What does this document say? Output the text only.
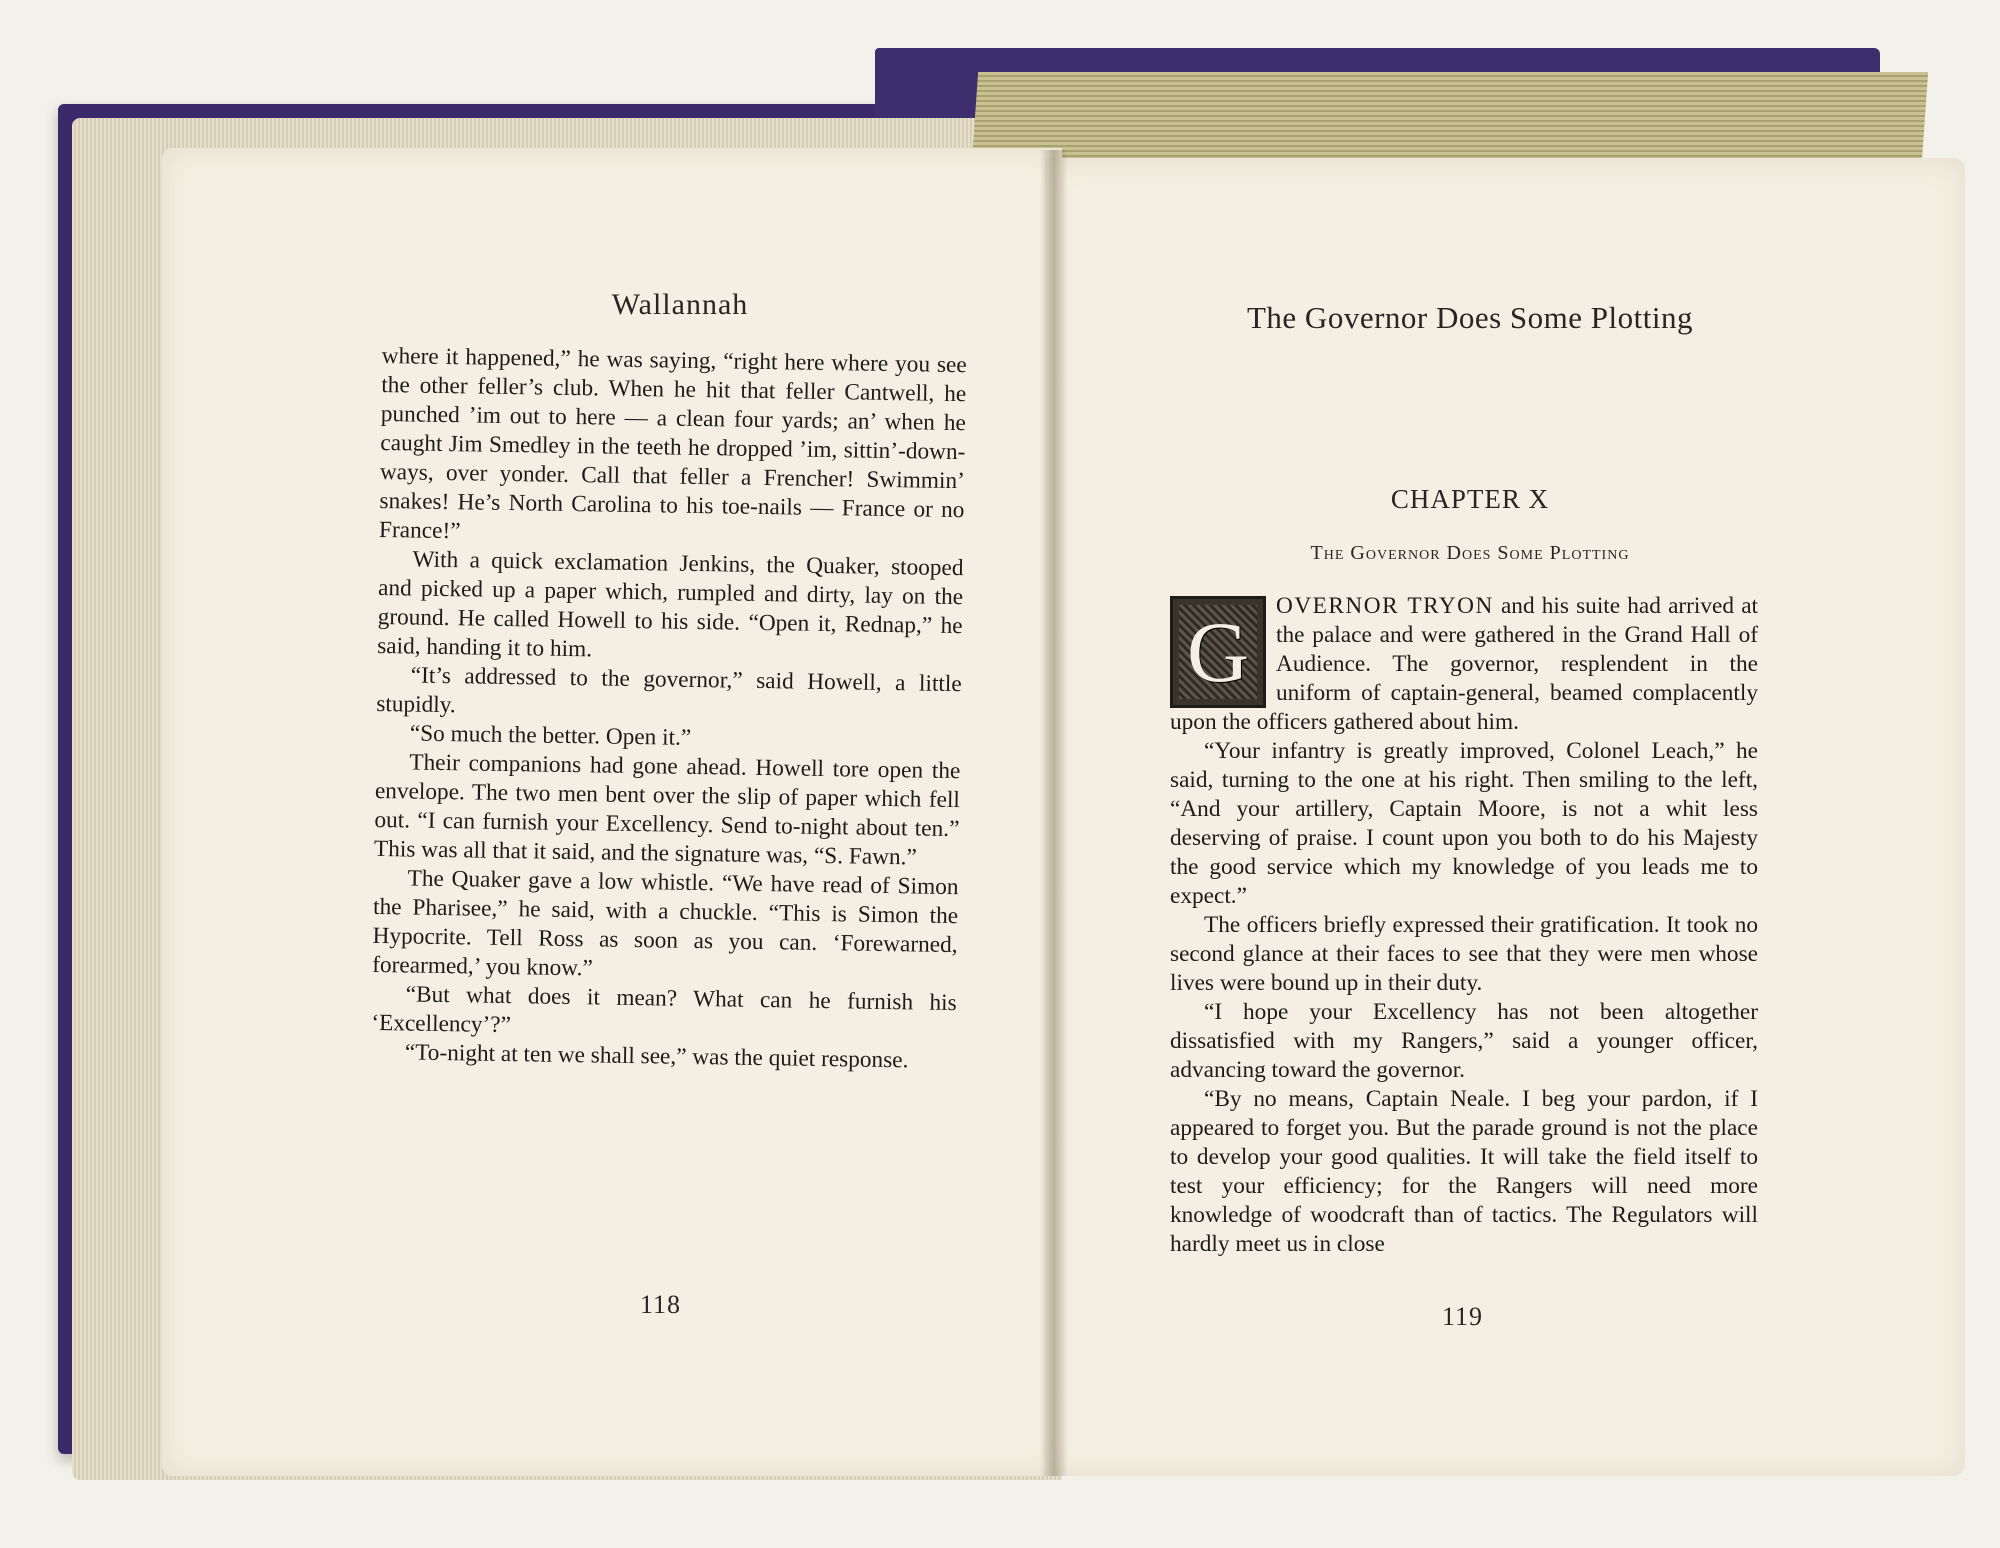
Wallannah

where it happened,” he was saying, “right here where you see the other feller’s club. When he hit that feller Cantwell, he punched ’im out to here — a clean four yards; an’ when he caught Jim Smedley in the teeth he dropped ’im, sittin’-down-ways, over yonder. Call that feller a Frencher! Swimmin’ snakes! He’s North Carolina to his toe-nails — France or no France!”

With a quick exclamation Jenkins, the Quaker, stooped and picked up a paper which, rumpled and dirty, lay on the ground. He called Howell to his side. “Open it, Rednap,” he said, handing it to him.

“It’s addressed to the governor,” said Howell, a little stupidly.

“So much the better. Open it.”

Their companions had gone ahead. Howell tore open the envelope. The two men bent over the slip of paper which fell out. “I can furnish your Excellency. Send to-night about ten.” This was all that it said, and the signature was, “S. Fawn.”

The Quaker gave a low whistle. “We have read of Simon the Pharisee,” he said, with a chuckle. “This is Simon the Hypocrite. Tell Ross as soon as you can. ‘Forewarned, forearmed,’ you know.”

“But what does it mean? What can he furnish his ‘Excellency’?”

“To-night at ten we shall see,” was the quiet response.

118
The Governor Does Some Plotting
CHAPTER X
The Governor Does Some Plotting

G	OVERNOR TRYON and his suite had arrived at the palace and were gathered in the Grand Hall of Audience. The governor, resplendent in the uniform of captain-general, beamed complacently upon the officers gathered about him.

“Your infantry is greatly improved, Colonel Leach,” he said, turning to the one at his right. Then smiling to the left, “And your artillery, Captain Moore, is not a whit less deserving of praise. I count upon you both to do his Majesty the good service which my knowledge of you leads me to expect.”

The officers briefly expressed their gratification. It took no second glance at their faces to see that they were men whose lives were bound up in their duty.

“I hope your Excellency has not been altogether dissatisfied with my Rangers,” said a younger officer, advancing toward the governor.

“By no means, Captain Neale. I beg your pardon, if I appeared to forget you. But the parade ground is not the place to develop your good qualities. It will take the field itself to test your efficiency; for the Rangers will need more knowledge of woodcraft than of tactics. The Regulators will hardly meet us in close

119
